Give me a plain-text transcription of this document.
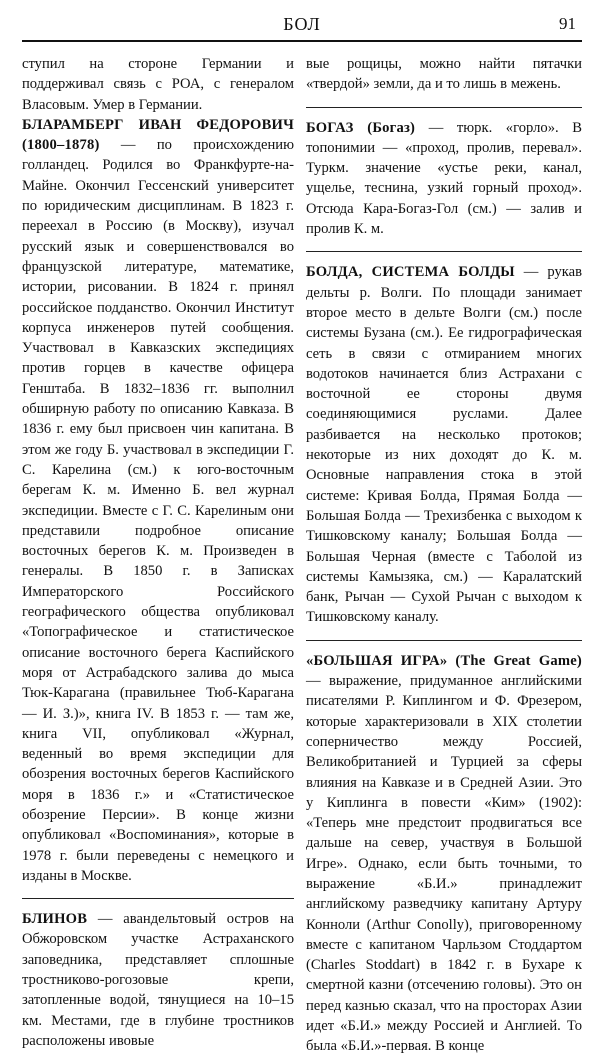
БОЛ	91

ступил на стороне Германии и поддерживал связь с РОА, с генералом Власовым. Умер в Германии.

БЛАРАМБЕРГ ИВАН ФЕДОРОВИЧ (1800–1878) — по происхождению голландец. Родился во Франкфурте-на-Майне. Окончил Гессенский университет по юридическим дисциплинам. В 1823 г. переехал в Россию (в Москву), изучал русский язык и совершенствовался во французской литературе, математике, истории, рисовании. В 1824 г. принял российское подданство. Окончил Институт корпуса инженеров путей сообщения. Участвовал в Кавказских экспедициях против горцев в качестве офицера Генштаба. В 1832–1836 гг. выполнил обширную работу по описанию Кавказа. В 1836 г. ему был присвоен чин капитана. В этом же году Б. участвовал в экспедиции Г. С. Карелина (см.) к юго-восточным берегам К. м. Именно Б. вел журнал экспедиции. Вместе с Г. С. Карелиным они представили подробное описание восточных берегов К. м. Произведен в генералы. В 1850 г. в Записках Императорского Российского географического общества опубликовал «Топографическое и статистическое описание восточного берега Каспийского моря от Астрабадского залива до мыса Тюк-Карагана (правильнее Тюб-Караганa — И. З.)», книга IV. В 1853 г. — там же, книга VII, опубликовал «Журнал, веденный во время экспедиции для обозрения восточных берегов Каспийского моря в 1836 г.» и «Статистическое обозрение Персии». В конце жизни опубликовал «Воспоминания», которые в 1978 г. были переведены с немецкого и изданы в Москве.

БЛИНОВ — авандельтовый остров на Обжоровском участке Астраханского заповедника, представляет сплошные тростниково-рогозовые крепи, затопленные водой, тянущиеся на 10–15 км. Местами, где в глубине тростников расположены ивовые

вые рощицы, можно найти пятачки «твердой» земли, да и то лишь в межень.

БОГАЗ (Богаз) — тюрк. «горло». В топонимии — «проход, пролив, перевал». Туркм. значение «устье реки, канал, ущелье, теснина, узкий горный проход». Отсюда Кара-Богаз-Гол (см.) — залив и пролив К. м.

БОЛДА, СИСТЕМА БОЛДЫ — рукав дельты р. Волги. По площади занимает второе место в дельте Волги (см.) после системы Бузана (см.). Ее гидрографическая сеть в связи с отмиранием многих водотоков начинается близ Астрахани с восточной ее стороны двумя соединяющимися руслами. Далее разбивается на несколько протоков; некоторые из них доходят до К. м. Основные направления стока в этой системе: Кривая Болда, Прямая Болда — Большая Болда — Трехизбенка с выходом к Тишковскому каналу; Большая Болда — Большая Черная (вместе с Таболой из системы Камызяка, см.) — Каралатский банк, Рычан — Сухой Рычан с выходом к Тишковскому каналу.

«БОЛЬШАЯ ИГРА» (The Great Game) — выражение, придуманное английскими писателями Р. Киплингом и Ф. Фрезером, которые характеризовали в XIX столетии соперничество между Россией, Великобританией и Турцией за сферы влияния на Кавказе и в Средней Азии. Это у Киплинга в повести «Ким» (1902): «Теперь мне предстоит продвигаться все дальше на север, участвуя в Большой Игре». Однако, если быть точными, то выражение «Б.И.» принадлежит английскому разведчику капитану Артуру Конноли (Arthur Conolly), приговоренному вместе с капитаном Чарльзом Стоддартом (Charles Stoddart) в 1842 г. в Бухаре к смертной казни (отсечению головы). Это он перед казнью сказал, что на просторах Азии идет «Б.И.» между Россией и Англией. То была «Б.И.»-первая. В конце
